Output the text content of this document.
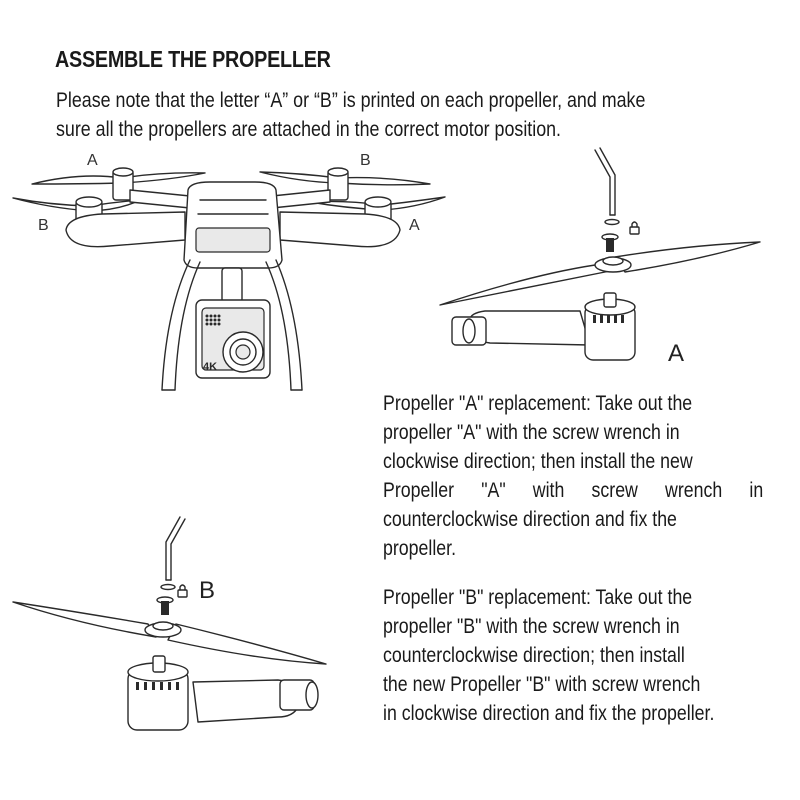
ASSEMBLE THE PROPELLER
Please note that the letter “A” or “B” is printed on each propeller, and make
sure all the propellers are attached in the correct motor position.
4K
A	B
B	A
A
Propeller "A" replacement: Take out the
propeller "A" with the screw wrench in
clockwise direction; then install the new
Propeller "A" with screw wrench in
counterclockwise direction and fix the
propeller.
B	Propeller "B" replacement: Take out the
propeller "B" with the screw wrench in
counterclockwise direction; then install
the new Propeller "B" with screw wrench
in clockwise direction and fix the propeller.
